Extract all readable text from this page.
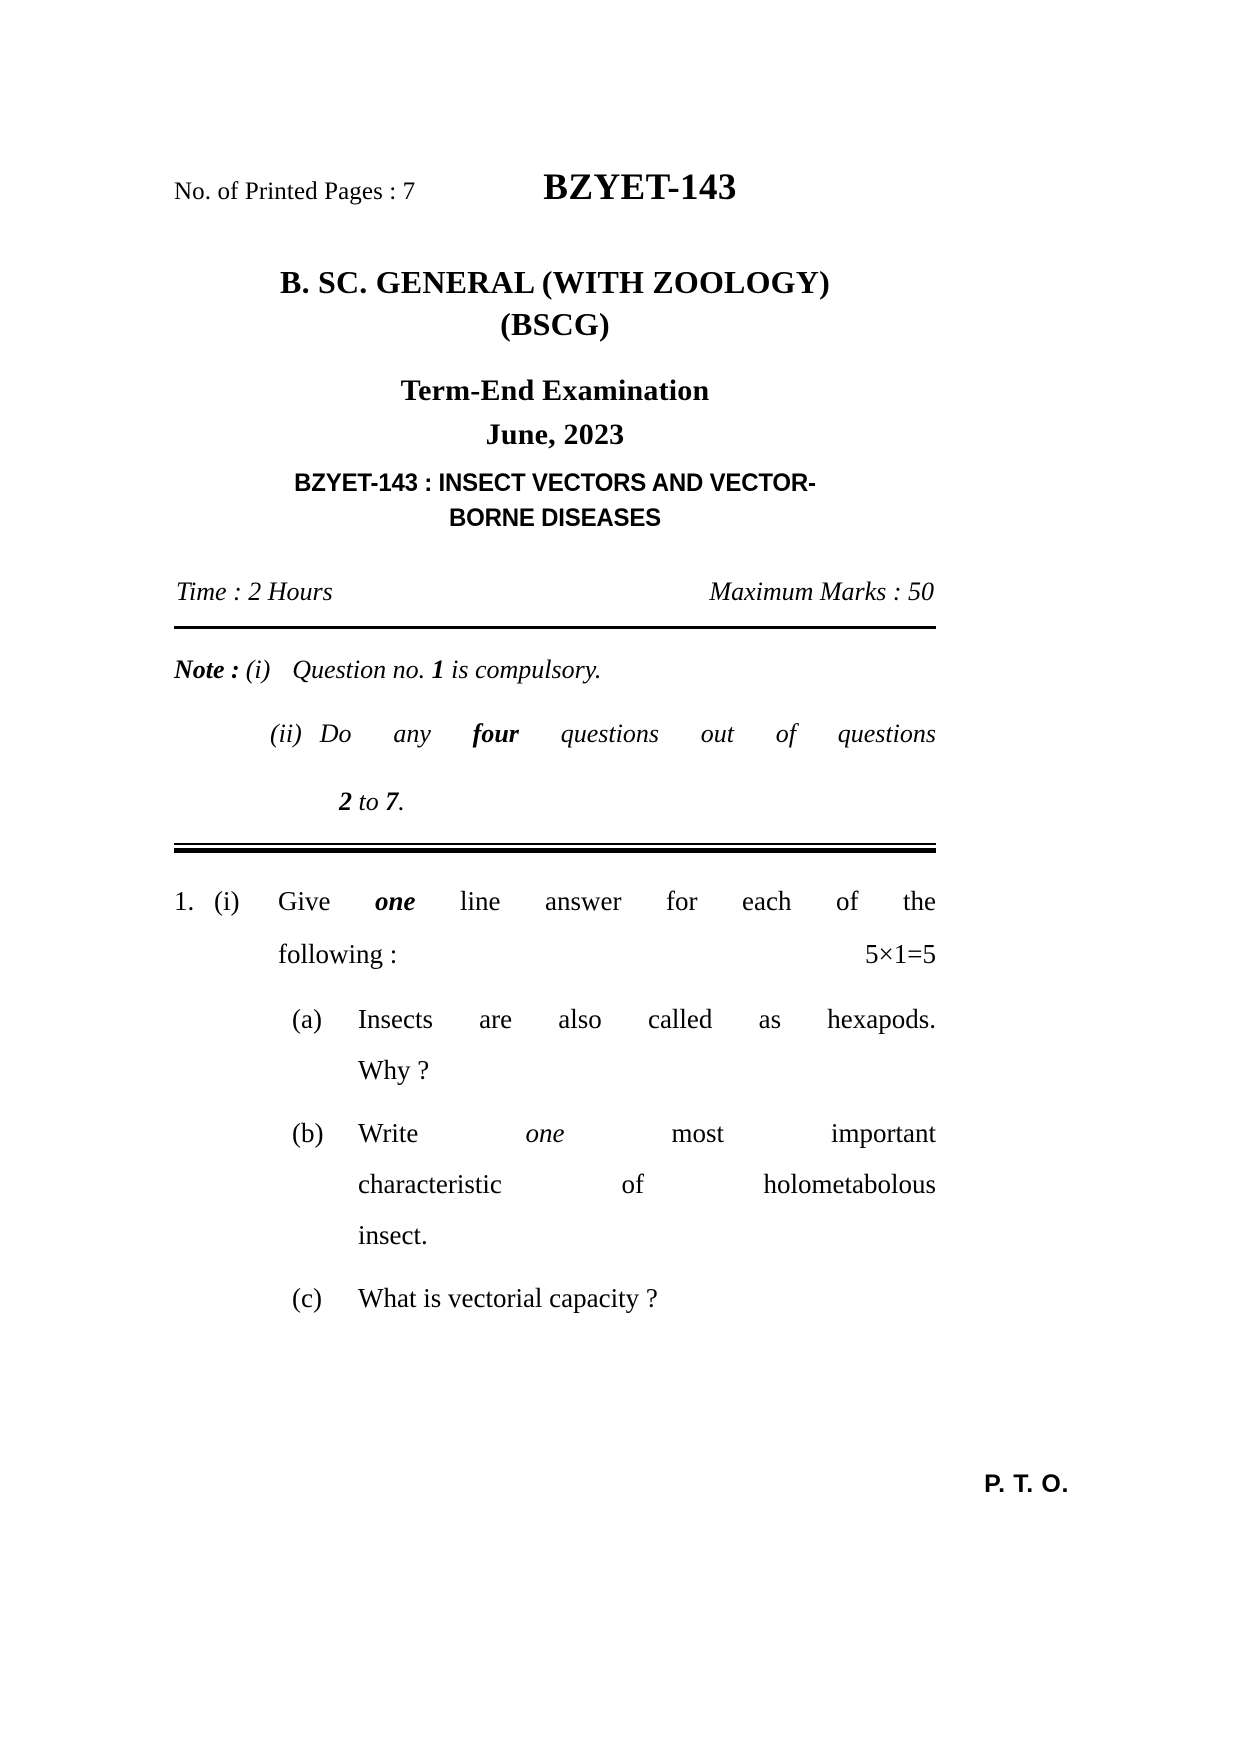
No. of Printed Pages : 7	BZYET-143
B. SC. GENERAL (WITH ZOOLOGY)
(BSCG)
Term-End Examination
June, 2023
BZYET-143 : INSECT VECTORS AND VECTOR-
BORNE DISEASES
Time : 2 Hours	Maximum Marks : 50
Note : (i) Question no. 1 is compulsory.
(ii) Do any four questions out of questions
2 to 7.
1. (i)	Give one line answer for each of the
following :	5×1=5
(a)	Insects are also called as hexapods.
Why ?
(b)	Write	one	most important
characteristic of holometabolous
insect.
(c)	What is vectorial capacity ?
P. T. O.
